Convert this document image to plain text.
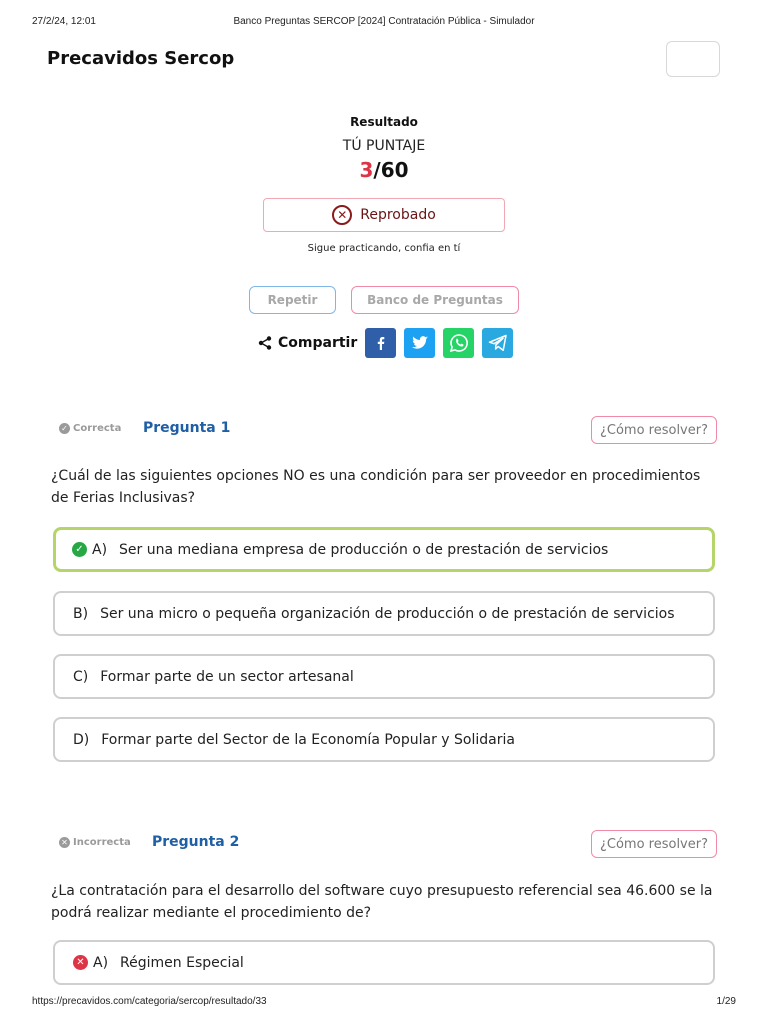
27/2/24, 12:01	Banco Preguntas SERCOP [2024] Contratación Pública - Simulador
Precavidos Sercop
Resultado
TÚ PUNTAJE
3/60
✕ Reprobado
Sigue practicando, confia en tí
Repetir	Banco de Preguntas
Compartir
✓ Correcta Pregunta 1	¿Cómo resolver?
¿Cuál de las siguientes opciones NO es una condición para ser proveedor en procedimientos de Ferias Inclusivas?
✓ A) Ser una mediana empresa de producción o de prestación de servicios
B) Ser una micro o pequeña organización de producción o de prestación de servicios
C) Formar parte de un sector artesanal
D) Formar parte del Sector de la Economía Popular y Solidaria
✕ Incorrecta Pregunta 2	¿Cómo resolver?
¿La contratación para el desarrollo del software cuyo presupuesto referencial sea 46.600 se la podrá realizar mediante el procedimiento de?
✕ A) Régimen Especial
https://precavidos.com/categoria/sercop/resultado/33	1/29
